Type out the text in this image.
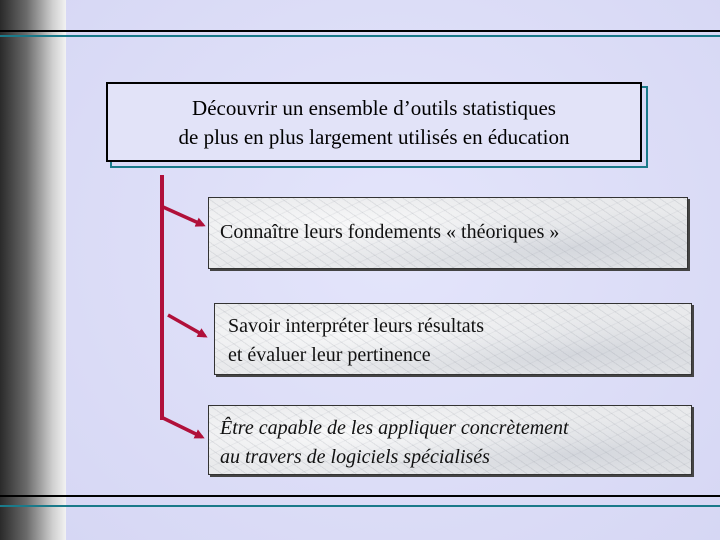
Découvrir un ensemble d’outils statistiques
de plus en plus largement utilisés en éducation
Connaître leurs fondements « théoriques »
Savoir interpréter leurs résultats
et évaluer leur pertinence
Être capable de les appliquer concrètement
au travers de logiciels spécialisés
